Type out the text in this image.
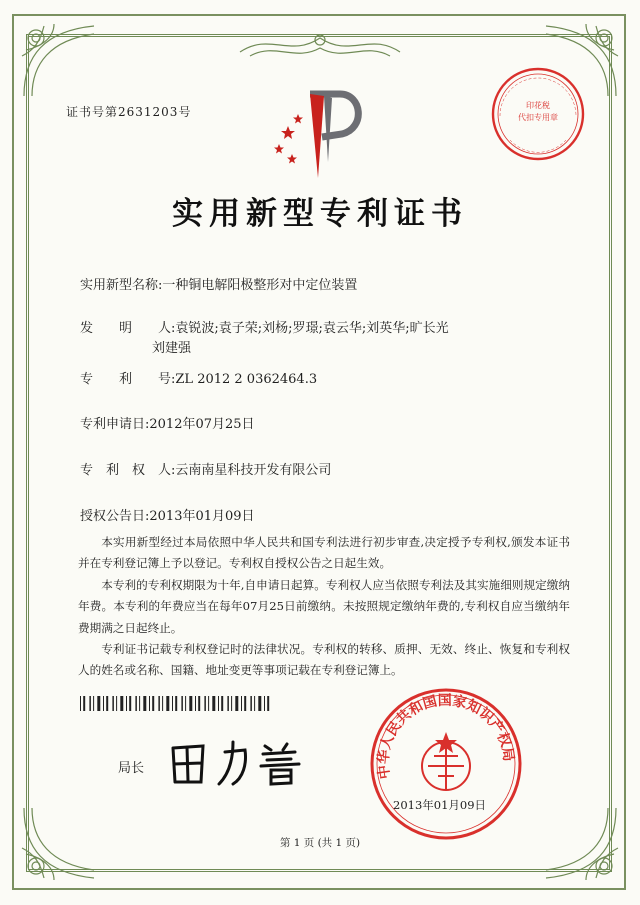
证书号第2631203号	印花税
代扣专用章
实用新型专利证书
实用新型名称:一种铜电解阳极整形对中定位装置
发　　明　　人:袁锐波;袁子荣;刘杨;罗璟;袁云华;刘英华;旷长光
刘建强
专　　利　　号:ZL 2012 2 0362464.3
专利申请日:2012年07月25日
专　利　权　人:云南南星科技开发有限公司
授权公告日:2013年01月09日

本实用新型经过本局依照中华人民共和国专利法进行初步审查,决定授予专利权,颁发本证书并在专利登记簿上予以登记。专利权自授权公告之日起生效。

本专利的专利权期限为十年,自申请日起算。专利权人应当依照专利法及其实施细则规定缴纳年费。本专利的年费应当在每年07月25日前缴纳。未按照规定缴纳年费的,专利权自应当缴纳年费期满之日起终止。

专利证书记载专利权登记时的法律状况。专利权的转移、质押、无效、终止、恢复和专利权人的姓名或名称、国籍、地址变更等事项记载在专利登记簿上。

局长	中华人民共和国国家知识产权局
2013年01月09日
第 1 页 (共 1 页)
